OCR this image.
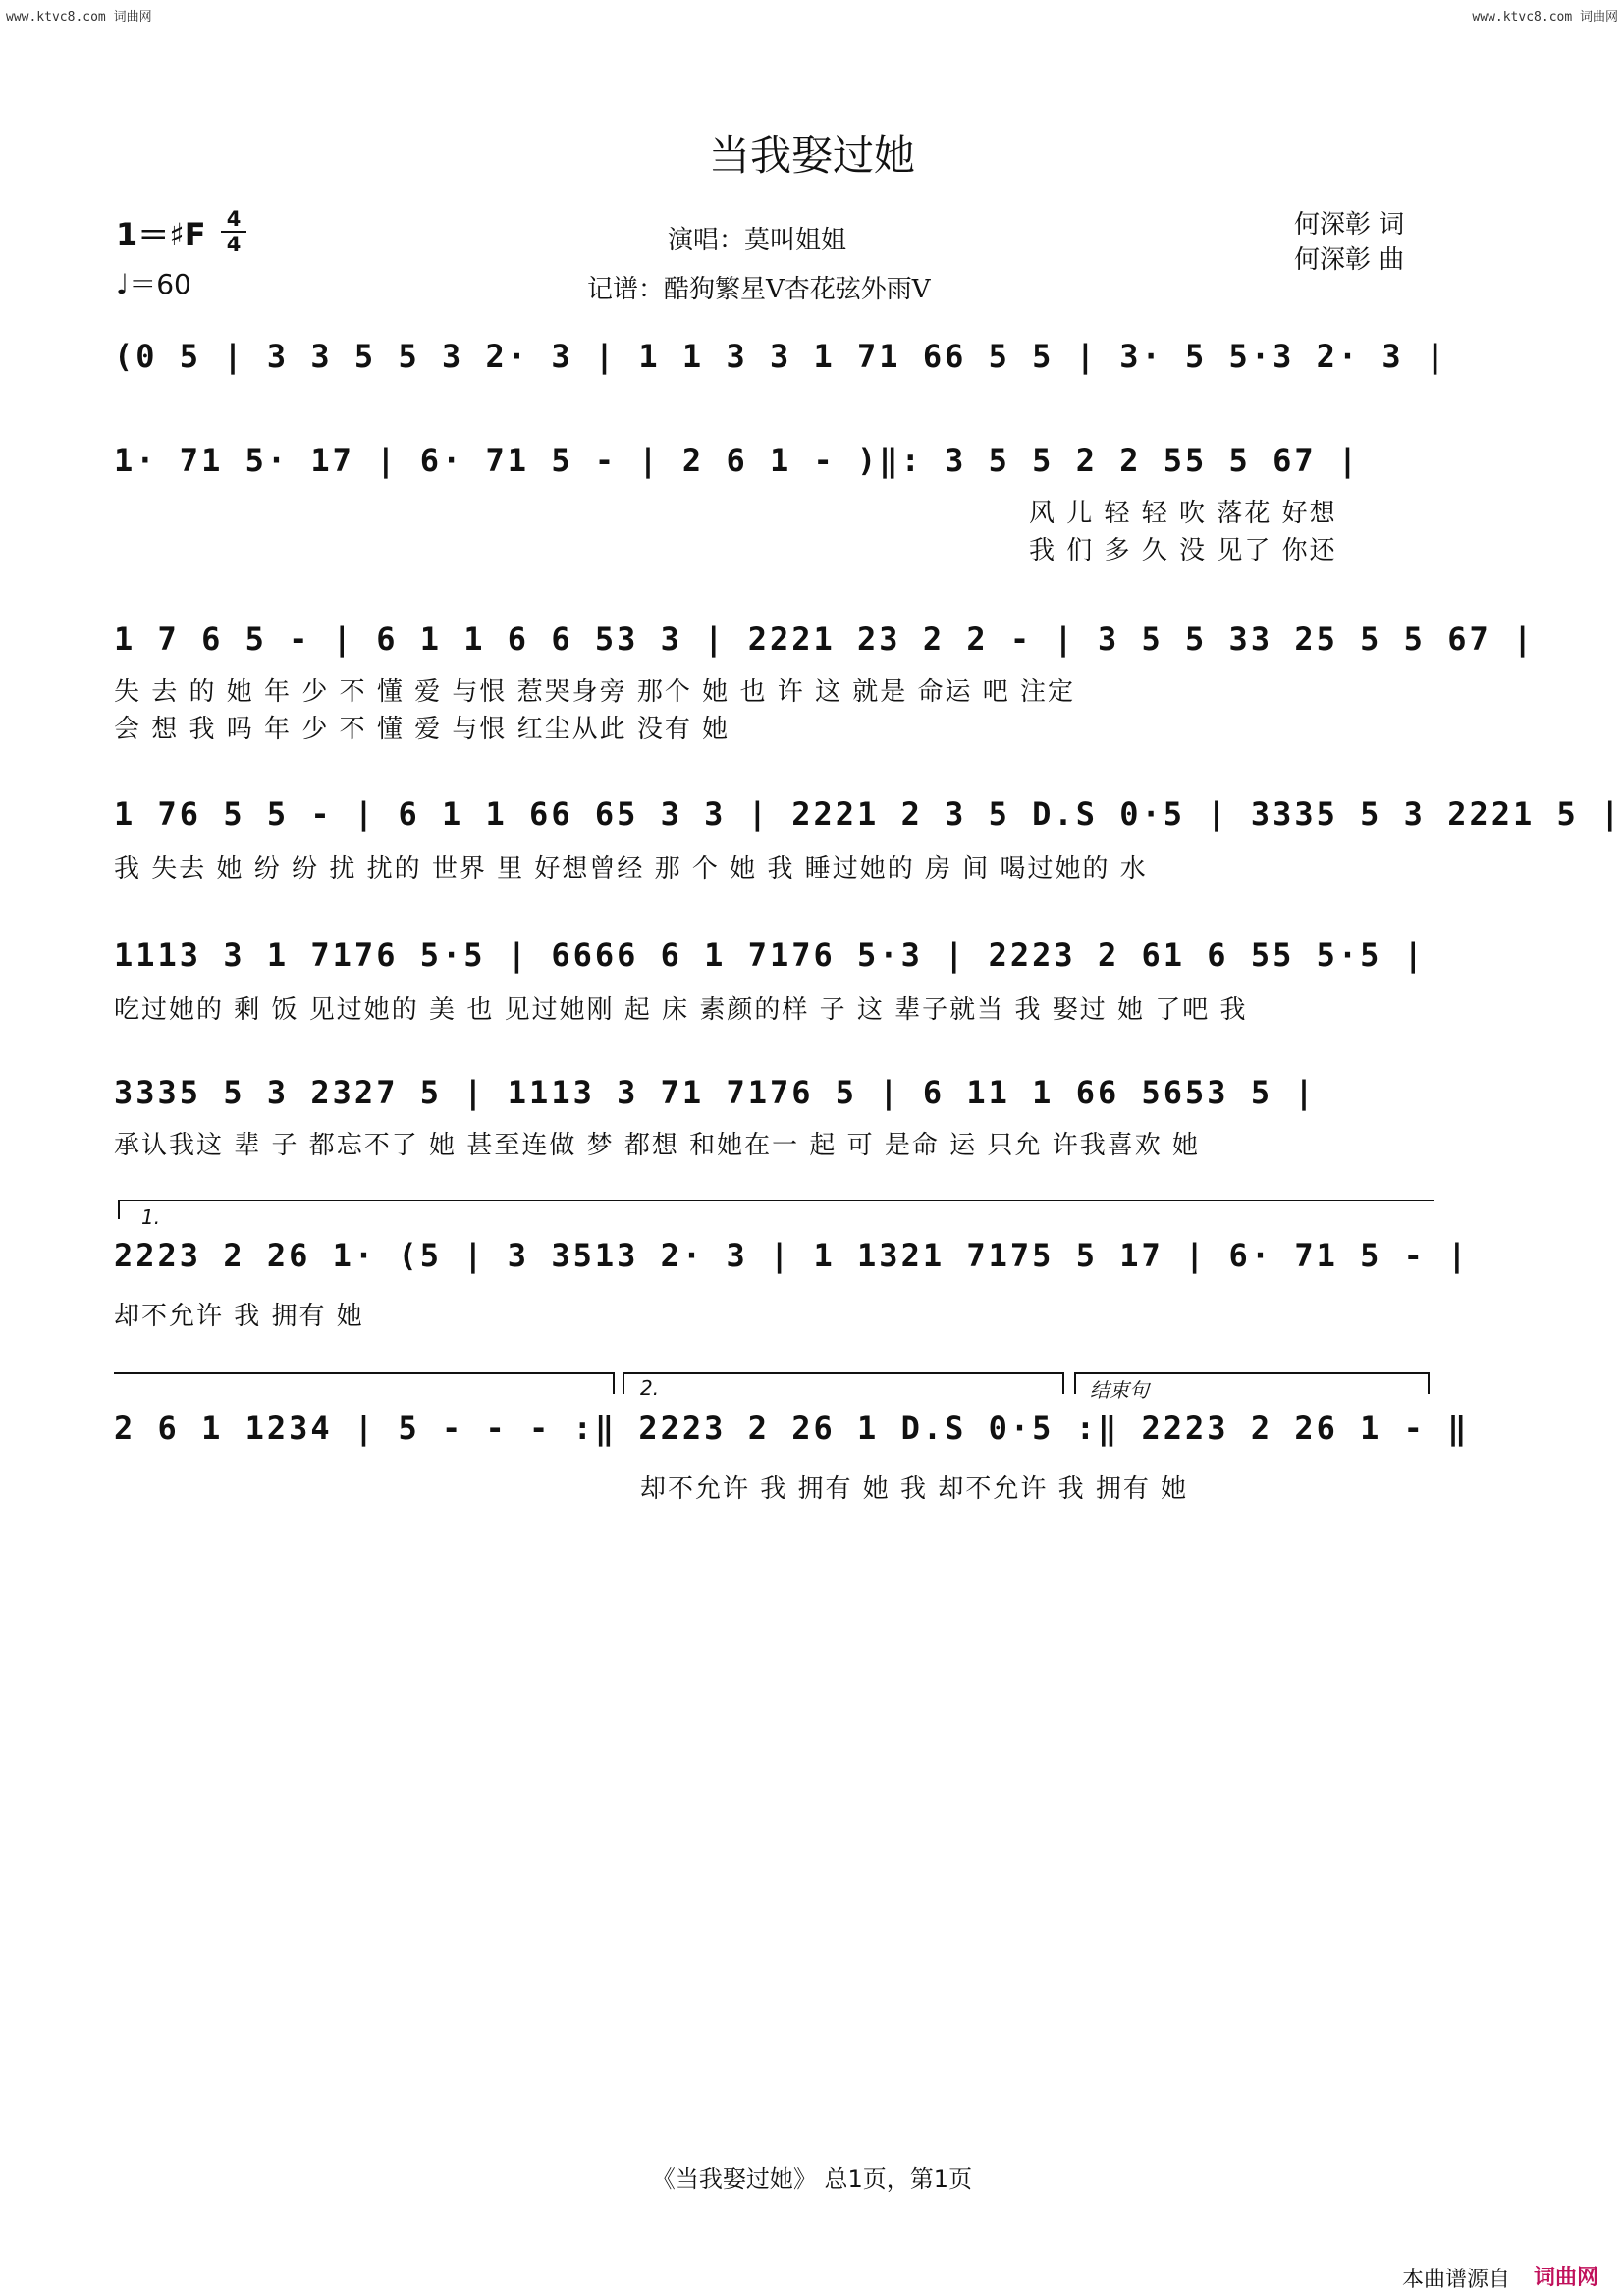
www.ktvc8.com 词曲网	www.ktvc8.com 词曲网
当我娶过她
1＝♯F 4
4
♩＝60
演唱：莫叫姐姐
记谱：酷狗繁星V杏花弦外雨V
何深彰 词
何深彰 曲
(0 5 | 3 3 5 5 3 2· 3 | 1 1 3 3 1 71 66 5 5 | 3· 5 5·3 2· 3 |
1· 71 5· 17 | 6· 71 5 - | 2 6 1 - )‖: 3 5 5 2 2 55 5 67 |
风 儿 轻 轻 吹 落花 好想
我 们 多 久 没 见了 你还
1 7 6 5 - | 6 1 1 6 6 53 3 | 2221 23 2 2 - | 3 5 5 33 25 5 5 67 |
失 去 的 她 年 少 不 懂 爱 与恨 惹哭身旁 那个 她 也 许 这 就是 命运 吧 注定
会 想 我 吗 年 少 不 懂 爱 与恨 红尘从此 没有 她
1 76 5 5 - | 6 1 1 66 65 3 3 | 2221 2 3 5 D.S 0·5 | 3335 5 3 2221 5 |
我 失去 她 纷 纷 扰 扰的 世界 里 好想曾经 那 个 她 我 睡过她的 房 间 喝过她的 水
1113 3 1 7176 5·5 | 6666 6 1 7176 5·3 | 2223 2 61 6 55 5·5 |
吃过她的 剩 饭 见过她的 美 也 见过她刚 起 床 素颜的样 子 这 辈子就当 我 娶过 她 了吧 我
3335 5 3 2327 5 | 1113 3 71 7176 5 | 6 11 1 66 5653 5 |
承认我这 辈 子 都忘不了 她 甚至连做 梦 都想 和她在一 起 可 是命 运 只允 许我喜欢 她
1.
2223 2 26 1· (5 | 3 3513 2· 3 | 1 1321 7175 5 17 | 6· 71 5 - |
却不允许 我 拥有 她
2.	结束句
2 6 1 1234 | 5 - - - :‖ 2223 2 26 1 D.S 0·5 :‖ 2223 2 26 1 - ‖
却不允许 我 拥有 她 我 却不允许 我 拥有 她
《当我娶过她》 总1页，第1页
本曲谱源自 词曲网
